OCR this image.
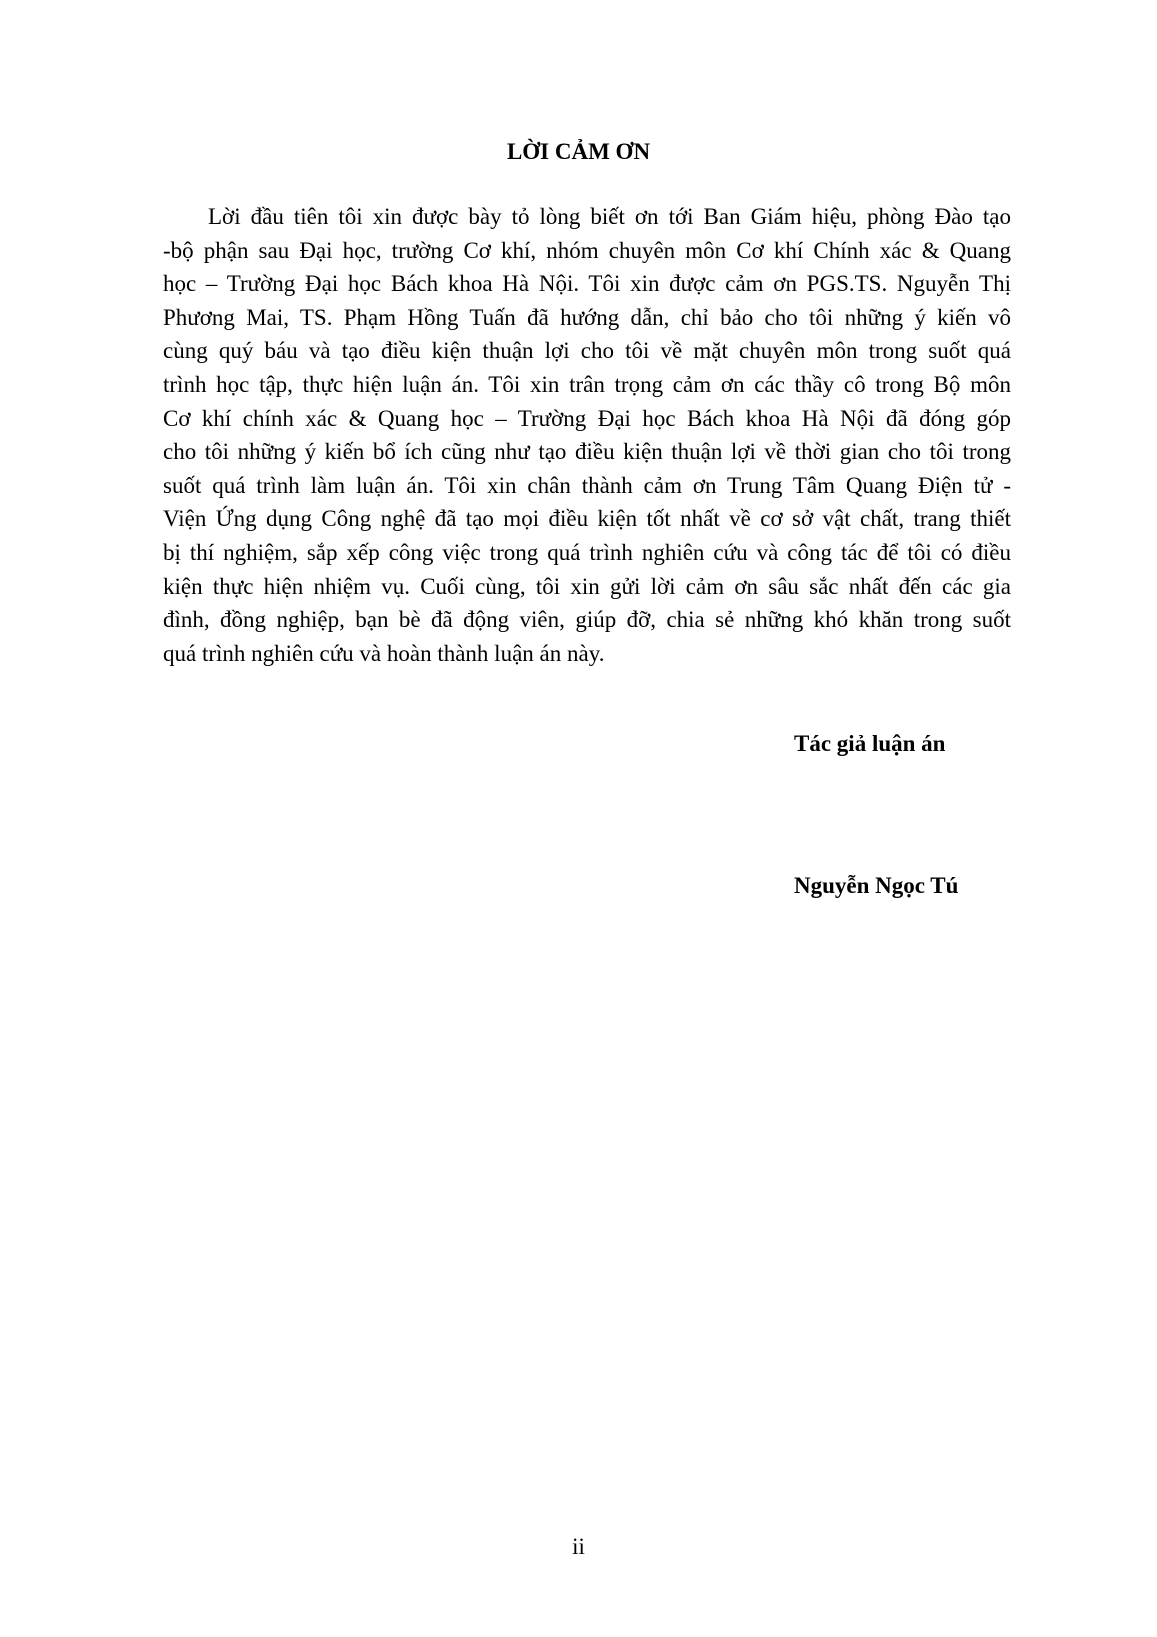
LỜI CẢM ƠN
Lời đầu tiên tôi xin được bày tỏ lòng biết ơn tới Ban Giám hiệu, phòng Đào tạo
-bộ phận sau Đại học, trường Cơ khí, nhóm chuyên môn Cơ khí Chính xác & Quang
học – Trường Đại học Bách khoa Hà Nội. Tôi xin được cảm ơn PGS.TS. Nguyễn Thị
Phương Mai, TS. Phạm Hồng Tuấn đã hướng dẫn, chỉ bảo cho tôi những ý kiến vô
cùng quý báu và tạo điều kiện thuận lợi cho tôi về mặt chuyên môn trong suốt quá
trình học tập, thực hiện luận án. Tôi xin trân trọng cảm ơn các thầy cô trong Bộ môn
Cơ khí chính xác & Quang học – Trường Đại học Bách khoa Hà Nội đã đóng góp
cho tôi những ý kiến bổ ích cũng như tạo điều kiện thuận lợi về thời gian cho tôi trong
suốt quá trình làm luận án. Tôi xin chân thành cảm ơn Trung Tâm Quang Điện tử -
Viện Ứng dụng Công nghệ đã tạo mọi điều kiện tốt nhất về cơ sở vật chất, trang thiết
bị thí nghiệm, sắp xếp công việc trong quá trình nghiên cứu và công tác để tôi có điều
kiện thực hiện nhiệm vụ. Cuối cùng, tôi xin gửi lời cảm ơn sâu sắc nhất đến các gia
đình, đồng nghiệp, bạn bè đã động viên, giúp đỡ, chia sẻ những khó khăn trong suốt
quá trình nghiên cứu và hoàn thành luận án này.

Tác giả luận án

Nguyễn Ngọc Tú

ii
